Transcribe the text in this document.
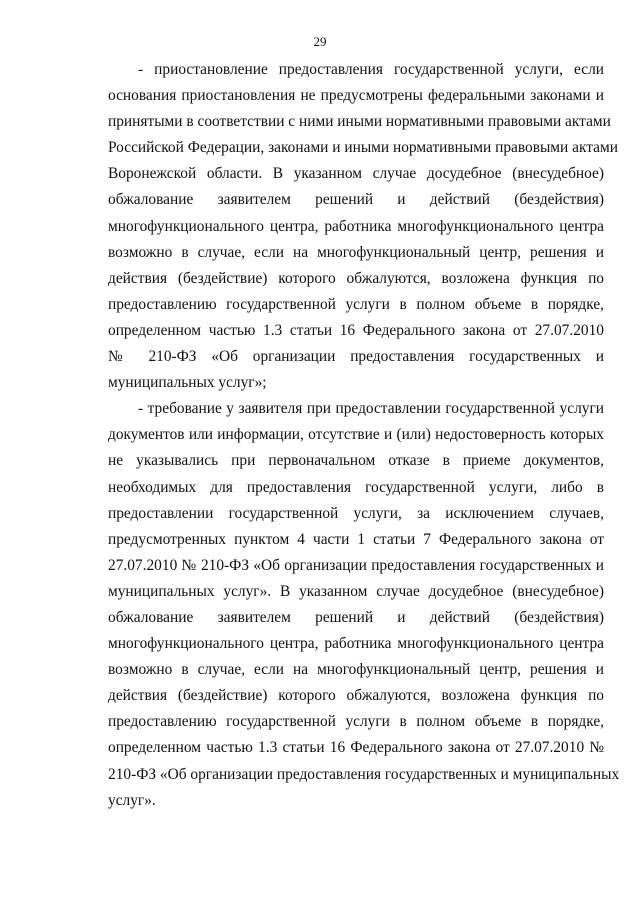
29

- приостановление предоставления государственной услуги, если
основания приостановления не предусмотрены федеральными законами и
принятыми в соответствии с ними иными нормативными правовыми актами
Российской Федерации, законами и иными нормативными правовыми актами
Воронежской области. В указанном случае досудебное (внесудебное)
обжалование заявителем решений и действий (бездействия)
многофункционального центра, работника многофункционального центра
возможно в случае, если на многофункциональный центр, решения и
действия (бездействие) которого обжалуются, возложена функция по
предоставлению государственной услуги в полном объеме в порядке,
определенном частью 1.3 статьи 16 Федерального закона от 27.07.2010
№ 210-ФЗ «Об организации предоставления государственных и
муниципальных услуг»;

- требование у заявителя при предоставлении государственной услуги
документов или информации, отсутствие и (или) недостоверность которых
не указывались при первоначальном отказе в приеме документов,
необходимых для предоставления государственной услуги, либо в
предоставлении государственной услуги, за исключением случаев,
предусмотренных пунктом 4 части 1 статьи 7 Федерального закона от
27.07.2010 № 210-ФЗ «Об организации предоставления государственных и
муниципальных услуг». В указанном случае досудебное (внесудебное)
обжалование заявителем решений и действий (бездействия)
многофункционального центра, работника многофункционального центра
возможно в случае, если на многофункциональный центр, решения и
действия (бездействие) которого обжалуются, возложена функция по
предоставлению государственной услуги в полном объеме в порядке,
определенном частью 1.3 статьи 16 Федерального закона от 27.07.2010 №
210-ФЗ «Об организации предоставления государственных и муниципальных
услуг».
